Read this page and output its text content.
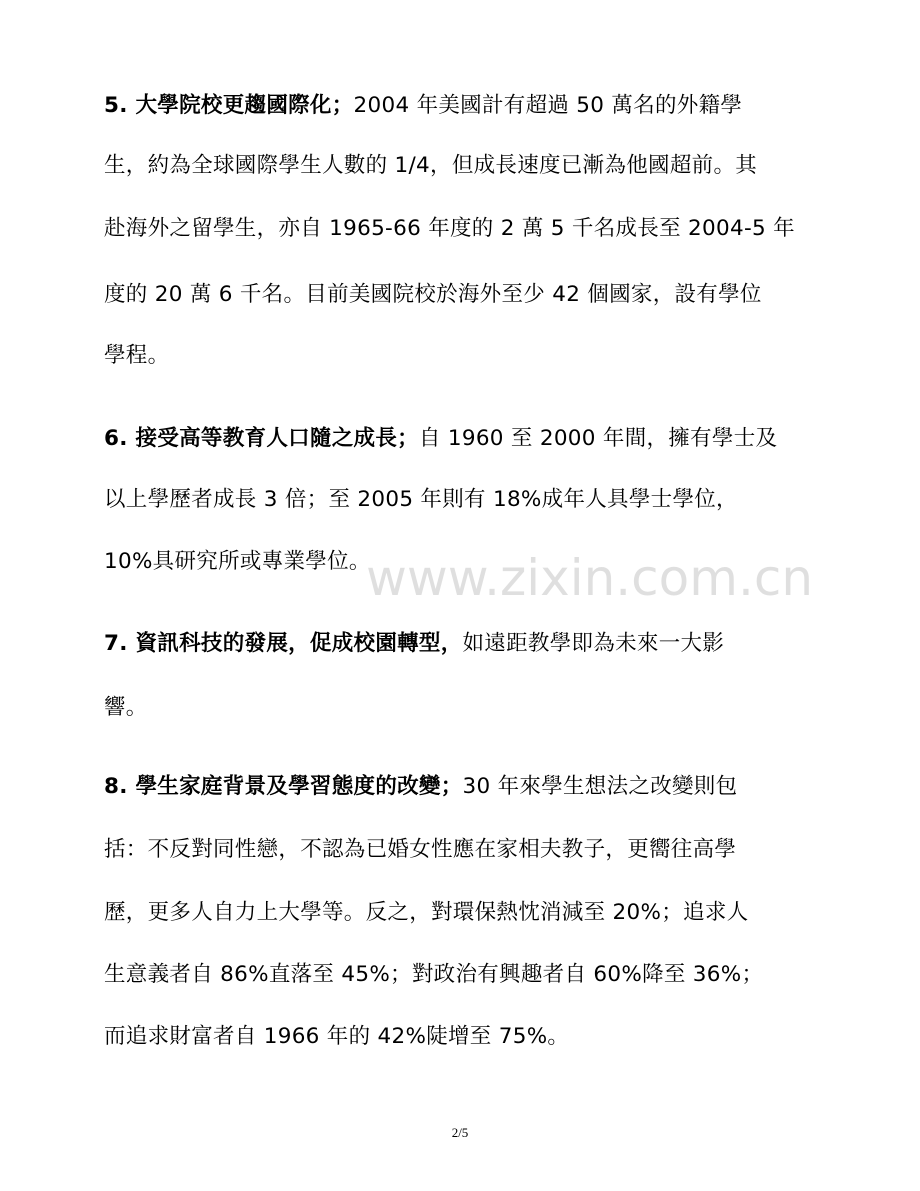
5. 大學院校更趨國際化；2004 年美國計有超過 50 萬名的外籍學
生，約為全球國際學生人數的 1/4，但成長速度已漸為他國超前。其
赴海外之留學生，亦自 1965-66 年度的 2 萬 5 千名成長至 2004-5 年
度的 20 萬 6 千名。目前美國院校於海外至少 42 個國家，設有學位
學程。
6. 接受高等教育人口隨之成長；自 1960 至 2000 年間，擁有學士及
以上學歷者成長 3 倍；至 2005 年則有 18%成年人具學士學位，
10%具研究所或專業學位。
www.zixin.com.cn
7. 資訊科技的發展，促成校園轉型，如遠距教學即為未來一大影
響。
8. 學生家庭背景及學習態度的改變；30 年來學生想法之改變則包
括：不反對同性戀，不認為已婚女性應在家相夫教子，更嚮往高學
歷，更多人自力上大學等。反之，對環保熱忱消減至 20%；追求人
生意義者自 86%直落至 45%；對政治有興趣者自 60%降至 36%；
而追求財富者自 1966 年的 42%陡增至 75%。
2/5
